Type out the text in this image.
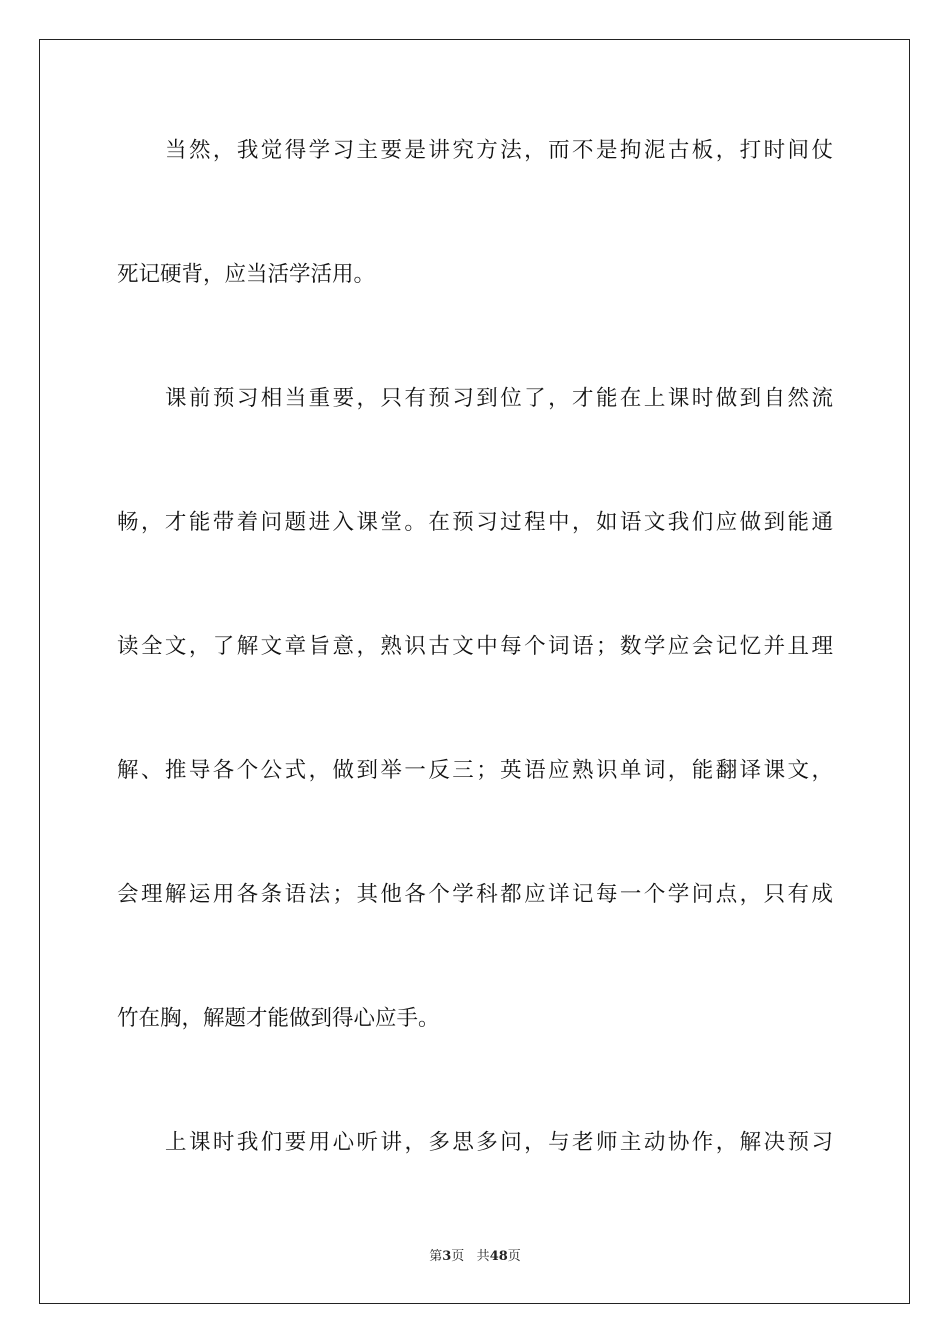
当然，我觉得学习主要是讲究方法，而不是拘泥古板，打时间仗
死记硬背，应当活学活用。
课前预习相当重要，只有预习到位了，才能在上课时做到自然流
畅，才能带着问题进入课堂。在预习过程中，如语文我们应做到能通
读全文，了解文章旨意，熟识古文中每个词语；数学应会记忆并且理
解、推导各个公式，做到举一反三；英语应熟识单词，能翻译课文，
会理解运用各条语法；其他各个学科都应详记每一个学问点，只有成
竹在胸，解题才能做到得心应手。
上课时我们要用心听讲，多思多问，与老师主动协作，解决预习
第3页 共48页
